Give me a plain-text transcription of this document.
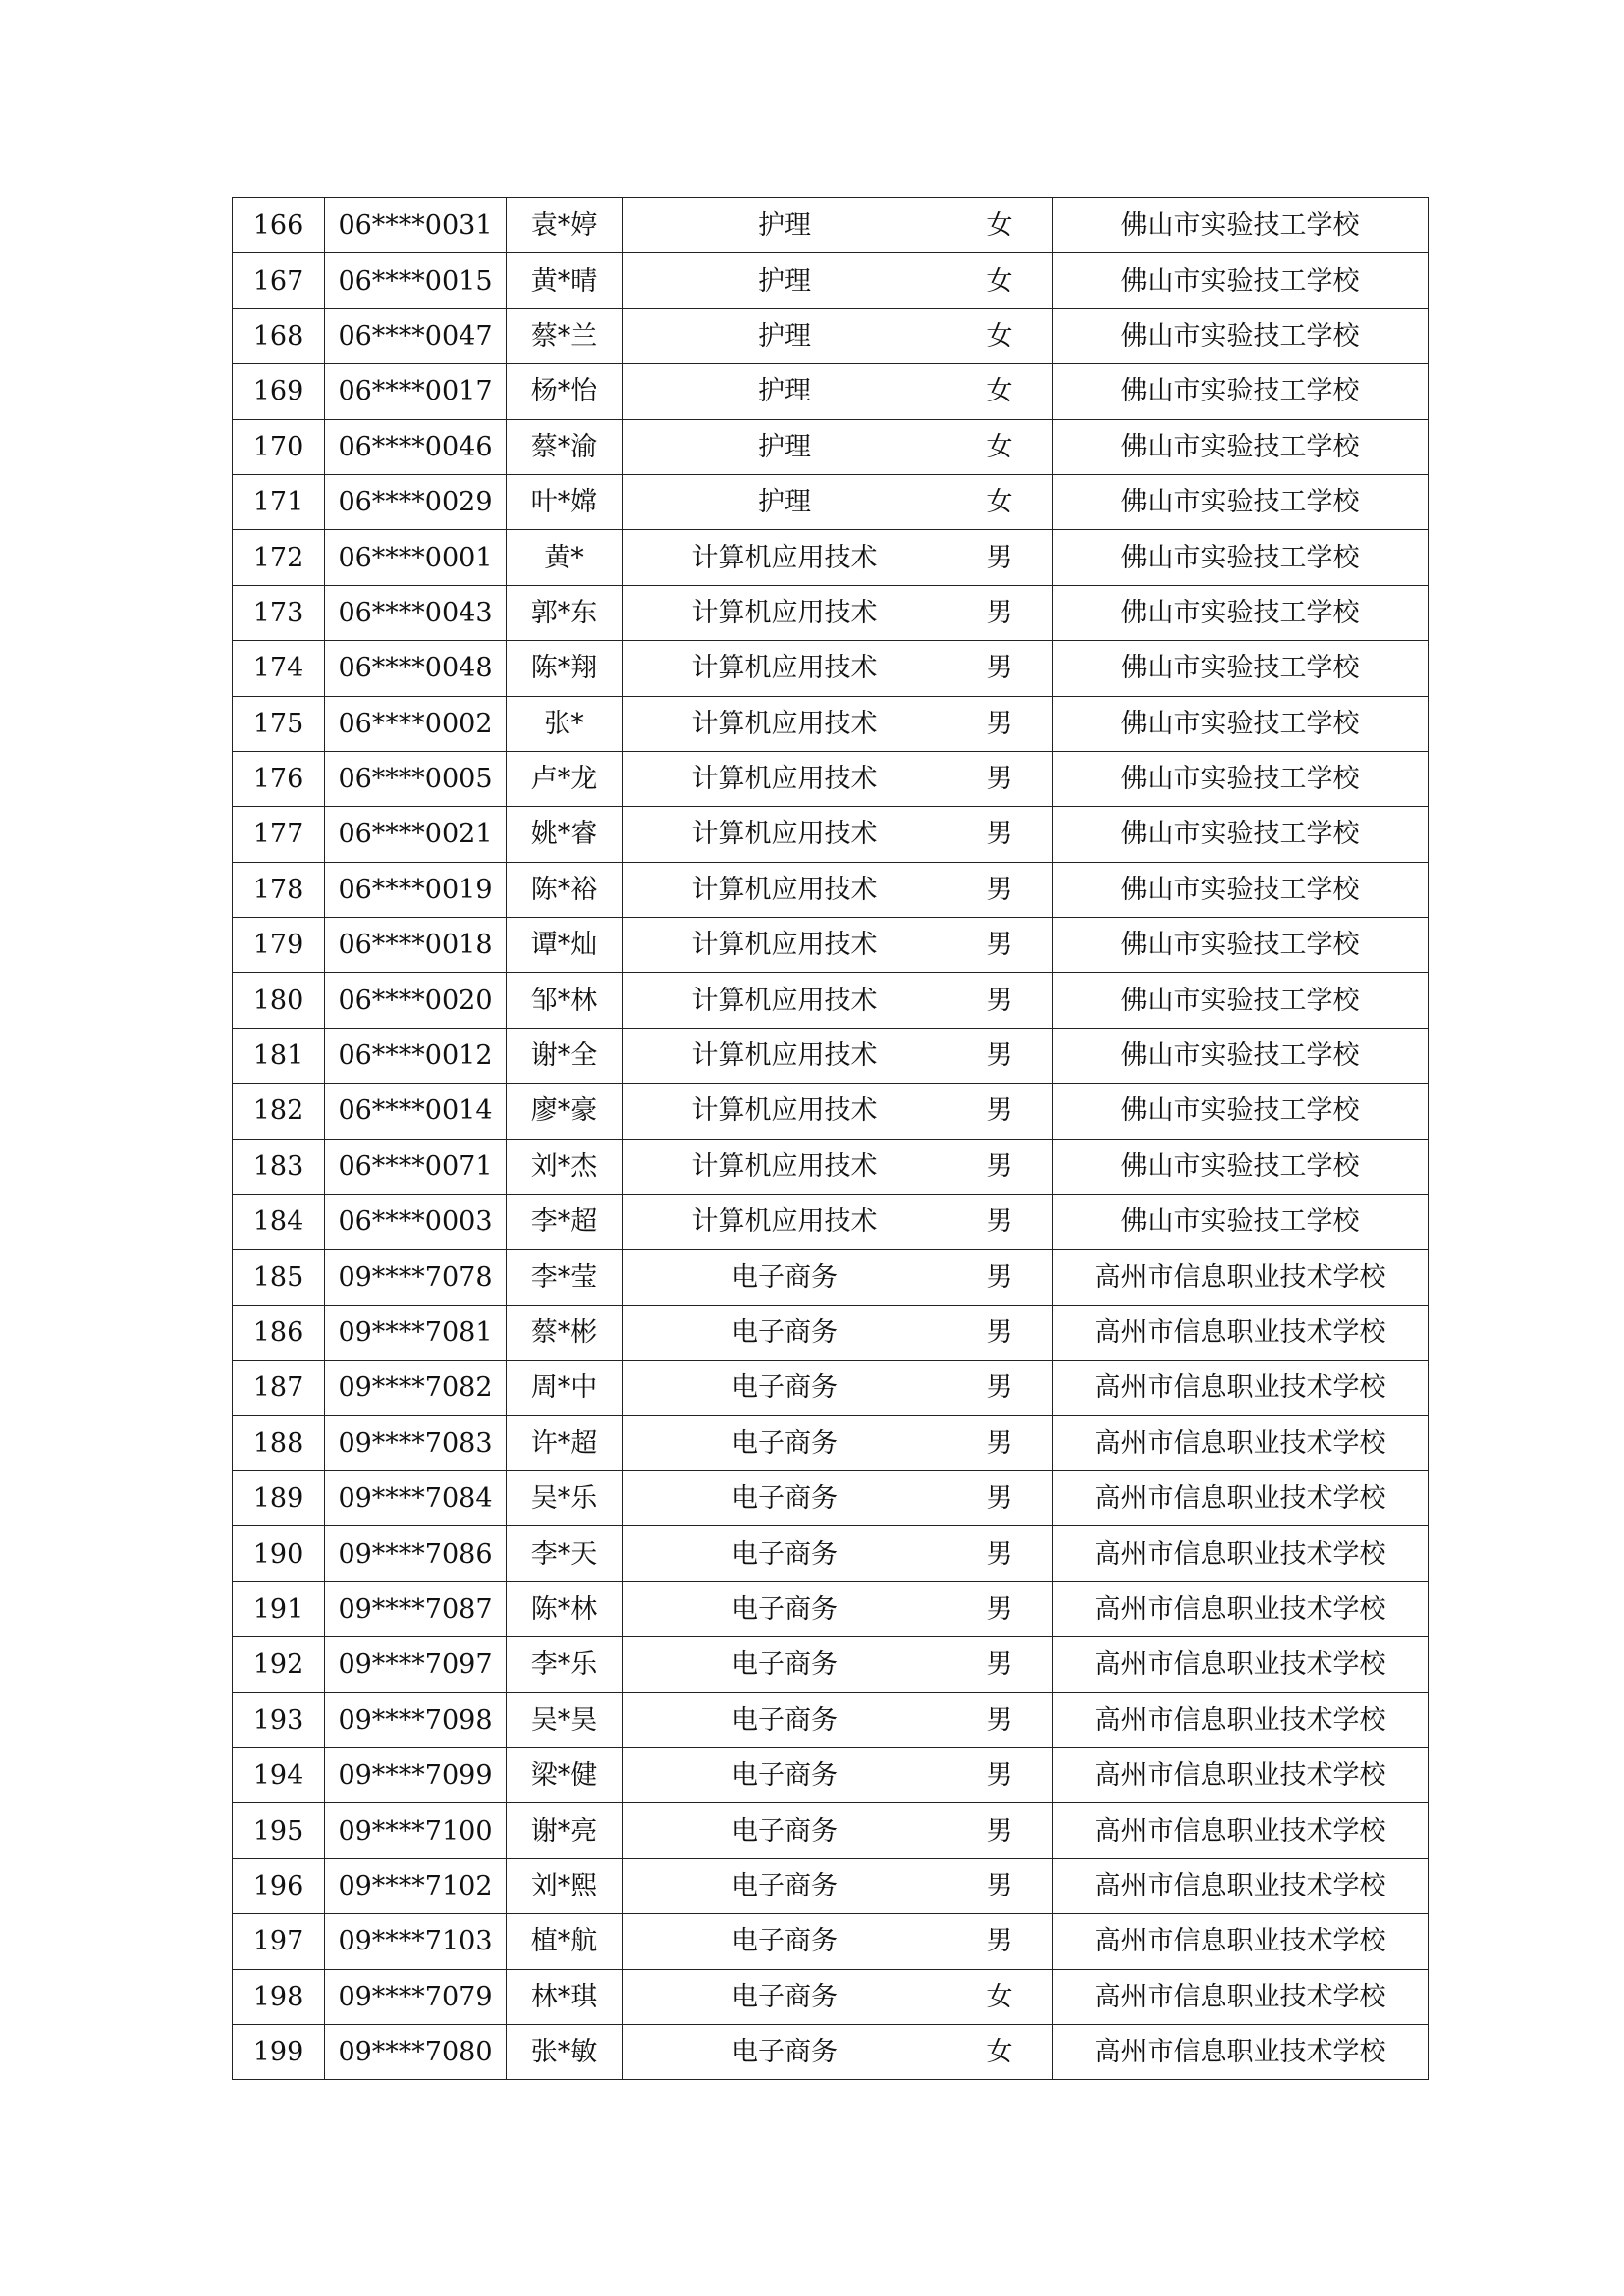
166	06****0031	袁*婷	护理	女	佛山市实验技工学校
167	06****0015	黄*晴	护理	女	佛山市实验技工学校
168	06****0047	蔡*兰	护理	女	佛山市实验技工学校
169	06****0017	杨*怡	护理	女	佛山市实验技工学校
170	06****0046	蔡*渝	护理	女	佛山市实验技工学校
171	06****0029	叶*嫦	护理	女	佛山市实验技工学校
172	06****0001	黄*	计算机应用技术	男	佛山市实验技工学校
173	06****0043	郭*东	计算机应用技术	男	佛山市实验技工学校
174	06****0048	陈*翔	计算机应用技术	男	佛山市实验技工学校
175	06****0002	张*	计算机应用技术	男	佛山市实验技工学校
176	06****0005	卢*龙	计算机应用技术	男	佛山市实验技工学校
177	06****0021	姚*睿	计算机应用技术	男	佛山市实验技工学校
178	06****0019	陈*裕	计算机应用技术	男	佛山市实验技工学校
179	06****0018	谭*灿	计算机应用技术	男	佛山市实验技工学校
180	06****0020	邹*林	计算机应用技术	男	佛山市实验技工学校
181	06****0012	谢*全	计算机应用技术	男	佛山市实验技工学校
182	06****0014	廖*豪	计算机应用技术	男	佛山市实验技工学校
183	06****0071	刘*杰	计算机应用技术	男	佛山市实验技工学校
184	06****0003	李*超	计算机应用技术	男	佛山市实验技工学校
185	09****7078	李*莹	电子商务	男	高州市信息职业技术学校
186	09****7081	蔡*彬	电子商务	男	高州市信息职业技术学校
187	09****7082	周*中	电子商务	男	高州市信息职业技术学校
188	09****7083	许*超	电子商务	男	高州市信息职业技术学校
189	09****7084	吴*乐	电子商务	男	高州市信息职业技术学校
190	09****7086	李*天	电子商务	男	高州市信息职业技术学校
191	09****7087	陈*林	电子商务	男	高州市信息职业技术学校
192	09****7097	李*乐	电子商务	男	高州市信息职业技术学校
193	09****7098	吴*昊	电子商务	男	高州市信息职业技术学校
194	09****7099	梁*健	电子商务	男	高州市信息职业技术学校
195	09****7100	谢*亮	电子商务	男	高州市信息职业技术学校
196	09****7102	刘*熙	电子商务	男	高州市信息职业技术学校
197	09****7103	植*航	电子商务	男	高州市信息职业技术学校
198	09****7079	林*琪	电子商务	女	高州市信息职业技术学校
199	09****7080	张*敏	电子商务	女	高州市信息职业技术学校
